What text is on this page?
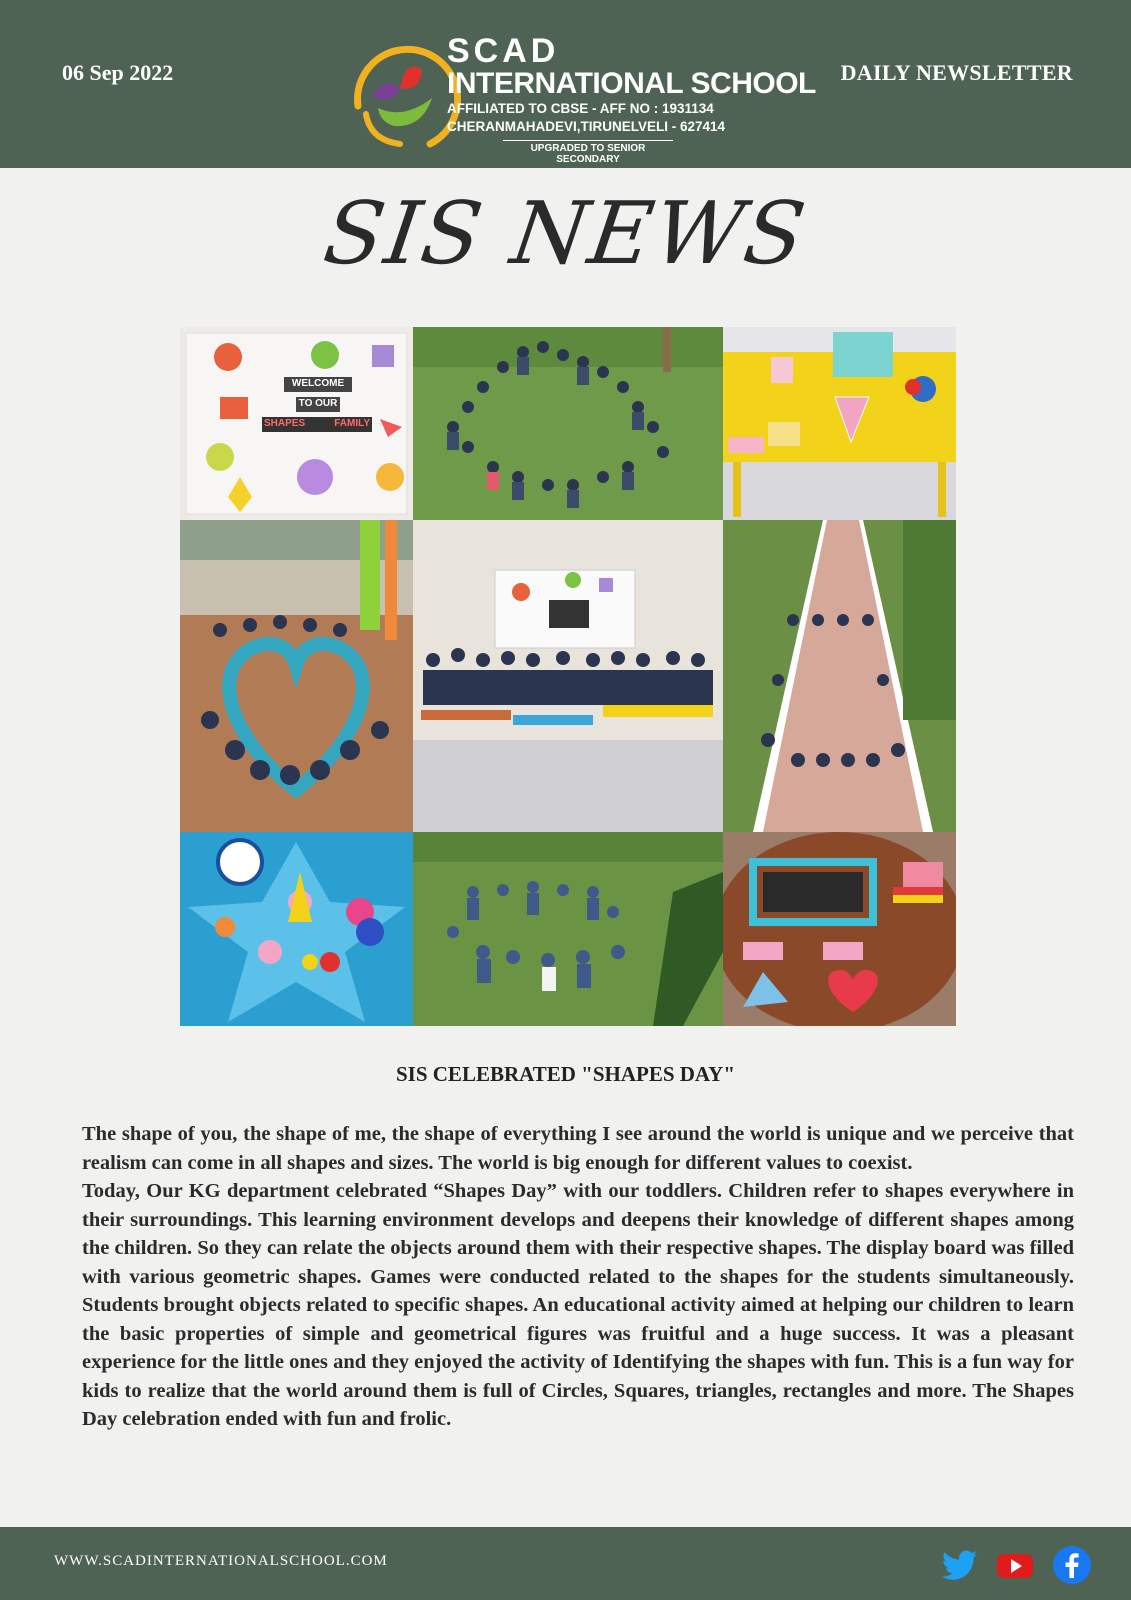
06 Sep 2022
SCAD
INTERNATIONAL SCHOOL
AFFILIATED TO CBSE - AFF NO : 1931134
CHERANMAHADEVI,TIRUNELVELI - 627414
UPGRADED TO SENIOR SECONDARY
DAILY NEWSLETTER
SIS NEWS
WELCOME
TO OUR
SHAPES	FAMILY
SIS CELEBRATED "SHAPES DAY"

The shape of you, the shape of me, the shape of everything I see around the world is unique and we perceive that realism can come in all shapes and sizes. The world is big enough for different values to coexist.

Today, Our KG department celebrated “Shapes Day” with our toddlers. Children refer to shapes everywhere in their surroundings. This learning environment develops and deepens their knowledge of different shapes among the children. So they can relate the objects around them with their respective shapes. The display board was filled with various geometric shapes. Games were conducted related to the shapes for the students simultaneously. Students brought objects related to specific shapes. An educational activity aimed at helping our children to learn the basic properties of simple and geometrical figures was fruitful and a huge success. It was a pleasant experience for the little ones and they enjoyed the activity of Identifying the shapes with fun. This is a fun way for kids to realize that the world around them is full of Circles, Squares, triangles, rectangles and more. The Shapes Day celebration ended with fun and frolic.

WWW.SCADINTERNATIONALSCHOOL.COM
